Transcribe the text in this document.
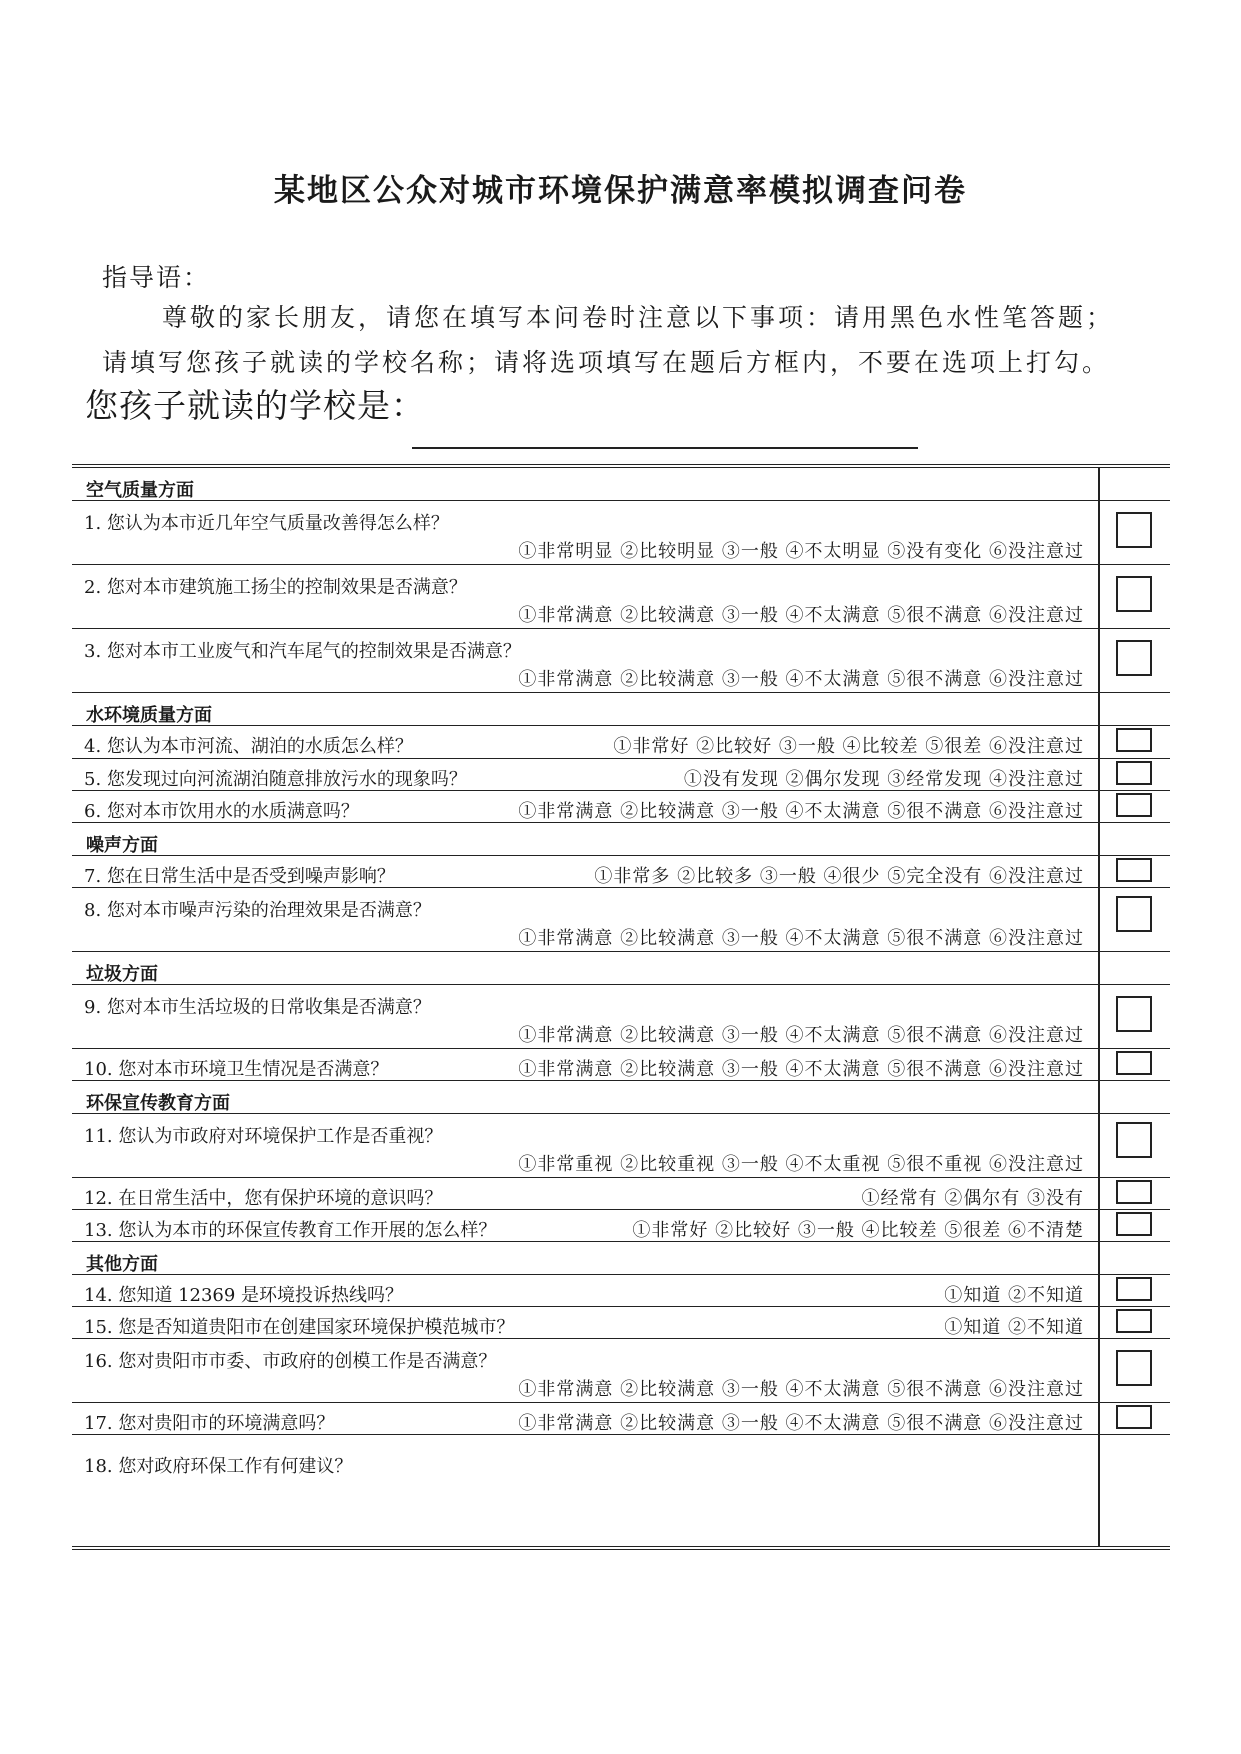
某地区公众对城市环境保护满意率模拟调查问卷
指导语：
尊敬的家长朋友，请您在填写本问卷时注意以下事项：请用黑色水性笔答题；
请填写您孩子就读的学校名称；请将选项填写在题后方框内，不要在选项上打勾。
您孩子就读的学校是：
空气质量方面
1. 您认为本市近几年空气质量改善得怎么样？
①非常明显 ②比较明显 ③一般 ④不太明显 ⑤没有变化 ⑥没注意过
2. 您对本市建筑施工扬尘的控制效果是否满意？
①非常满意 ②比较满意 ③一般 ④不太满意 ⑤很不满意 ⑥没注意过
3. 您对本市工业废气和汽车尾气的控制效果是否满意？
①非常满意 ②比较满意 ③一般 ④不太满意 ⑤很不满意 ⑥没注意过
水环境质量方面
4. 您认为本市河流、湖泊的水质怎么样？	①非常好 ②比较好 ③一般 ④比较差 ⑤很差 ⑥没注意过
5. 您发现过向河流湖泊随意排放污水的现象吗？	①没有发现 ②偶尔发现 ③经常发现 ④没注意过
6. 您对本市饮用水的水质满意吗？	①非常满意 ②比较满意 ③一般 ④不太满意 ⑤很不满意 ⑥没注意过
噪声方面
7. 您在日常生活中是否受到噪声影响？	①非常多 ②比较多 ③一般 ④很少 ⑤完全没有 ⑥没注意过
8. 您对本市噪声污染的治理效果是否满意？
①非常满意 ②比较满意 ③一般 ④不太满意 ⑤很不满意 ⑥没注意过
垃圾方面
9. 您对本市生活垃圾的日常收集是否满意？
①非常满意 ②比较满意 ③一般 ④不太满意 ⑤很不满意 ⑥没注意过
10. 您对本市环境卫生情况是否满意？	①非常满意 ②比较满意 ③一般 ④不太满意 ⑤很不满意 ⑥没注意过
环保宣传教育方面
11. 您认为市政府对环境保护工作是否重视？
①非常重视 ②比较重视 ③一般 ④不太重视 ⑤很不重视 ⑥没注意过
12. 在日常生活中，您有保护环境的意识吗？	①经常有 ②偶尔有 ③没有
13. 您认为本市的环保宣传教育工作开展的怎么样？	①非常好 ②比较好 ③一般 ④比较差 ⑤很差 ⑥不清楚
其他方面
14. 您知道 12369 是环境投诉热线吗？	①知道 ②不知道
15. 您是否知道贵阳市在创建国家环境保护模范城市？	①知道 ②不知道
16. 您对贵阳市市委、市政府的创模工作是否满意？
①非常满意 ②比较满意 ③一般 ④不太满意 ⑤很不满意 ⑥没注意过
17. 您对贵阳市的环境满意吗？	①非常满意 ②比较满意 ③一般 ④不太满意 ⑤很不满意 ⑥没注意过
18. 您对政府环保工作有何建议？
